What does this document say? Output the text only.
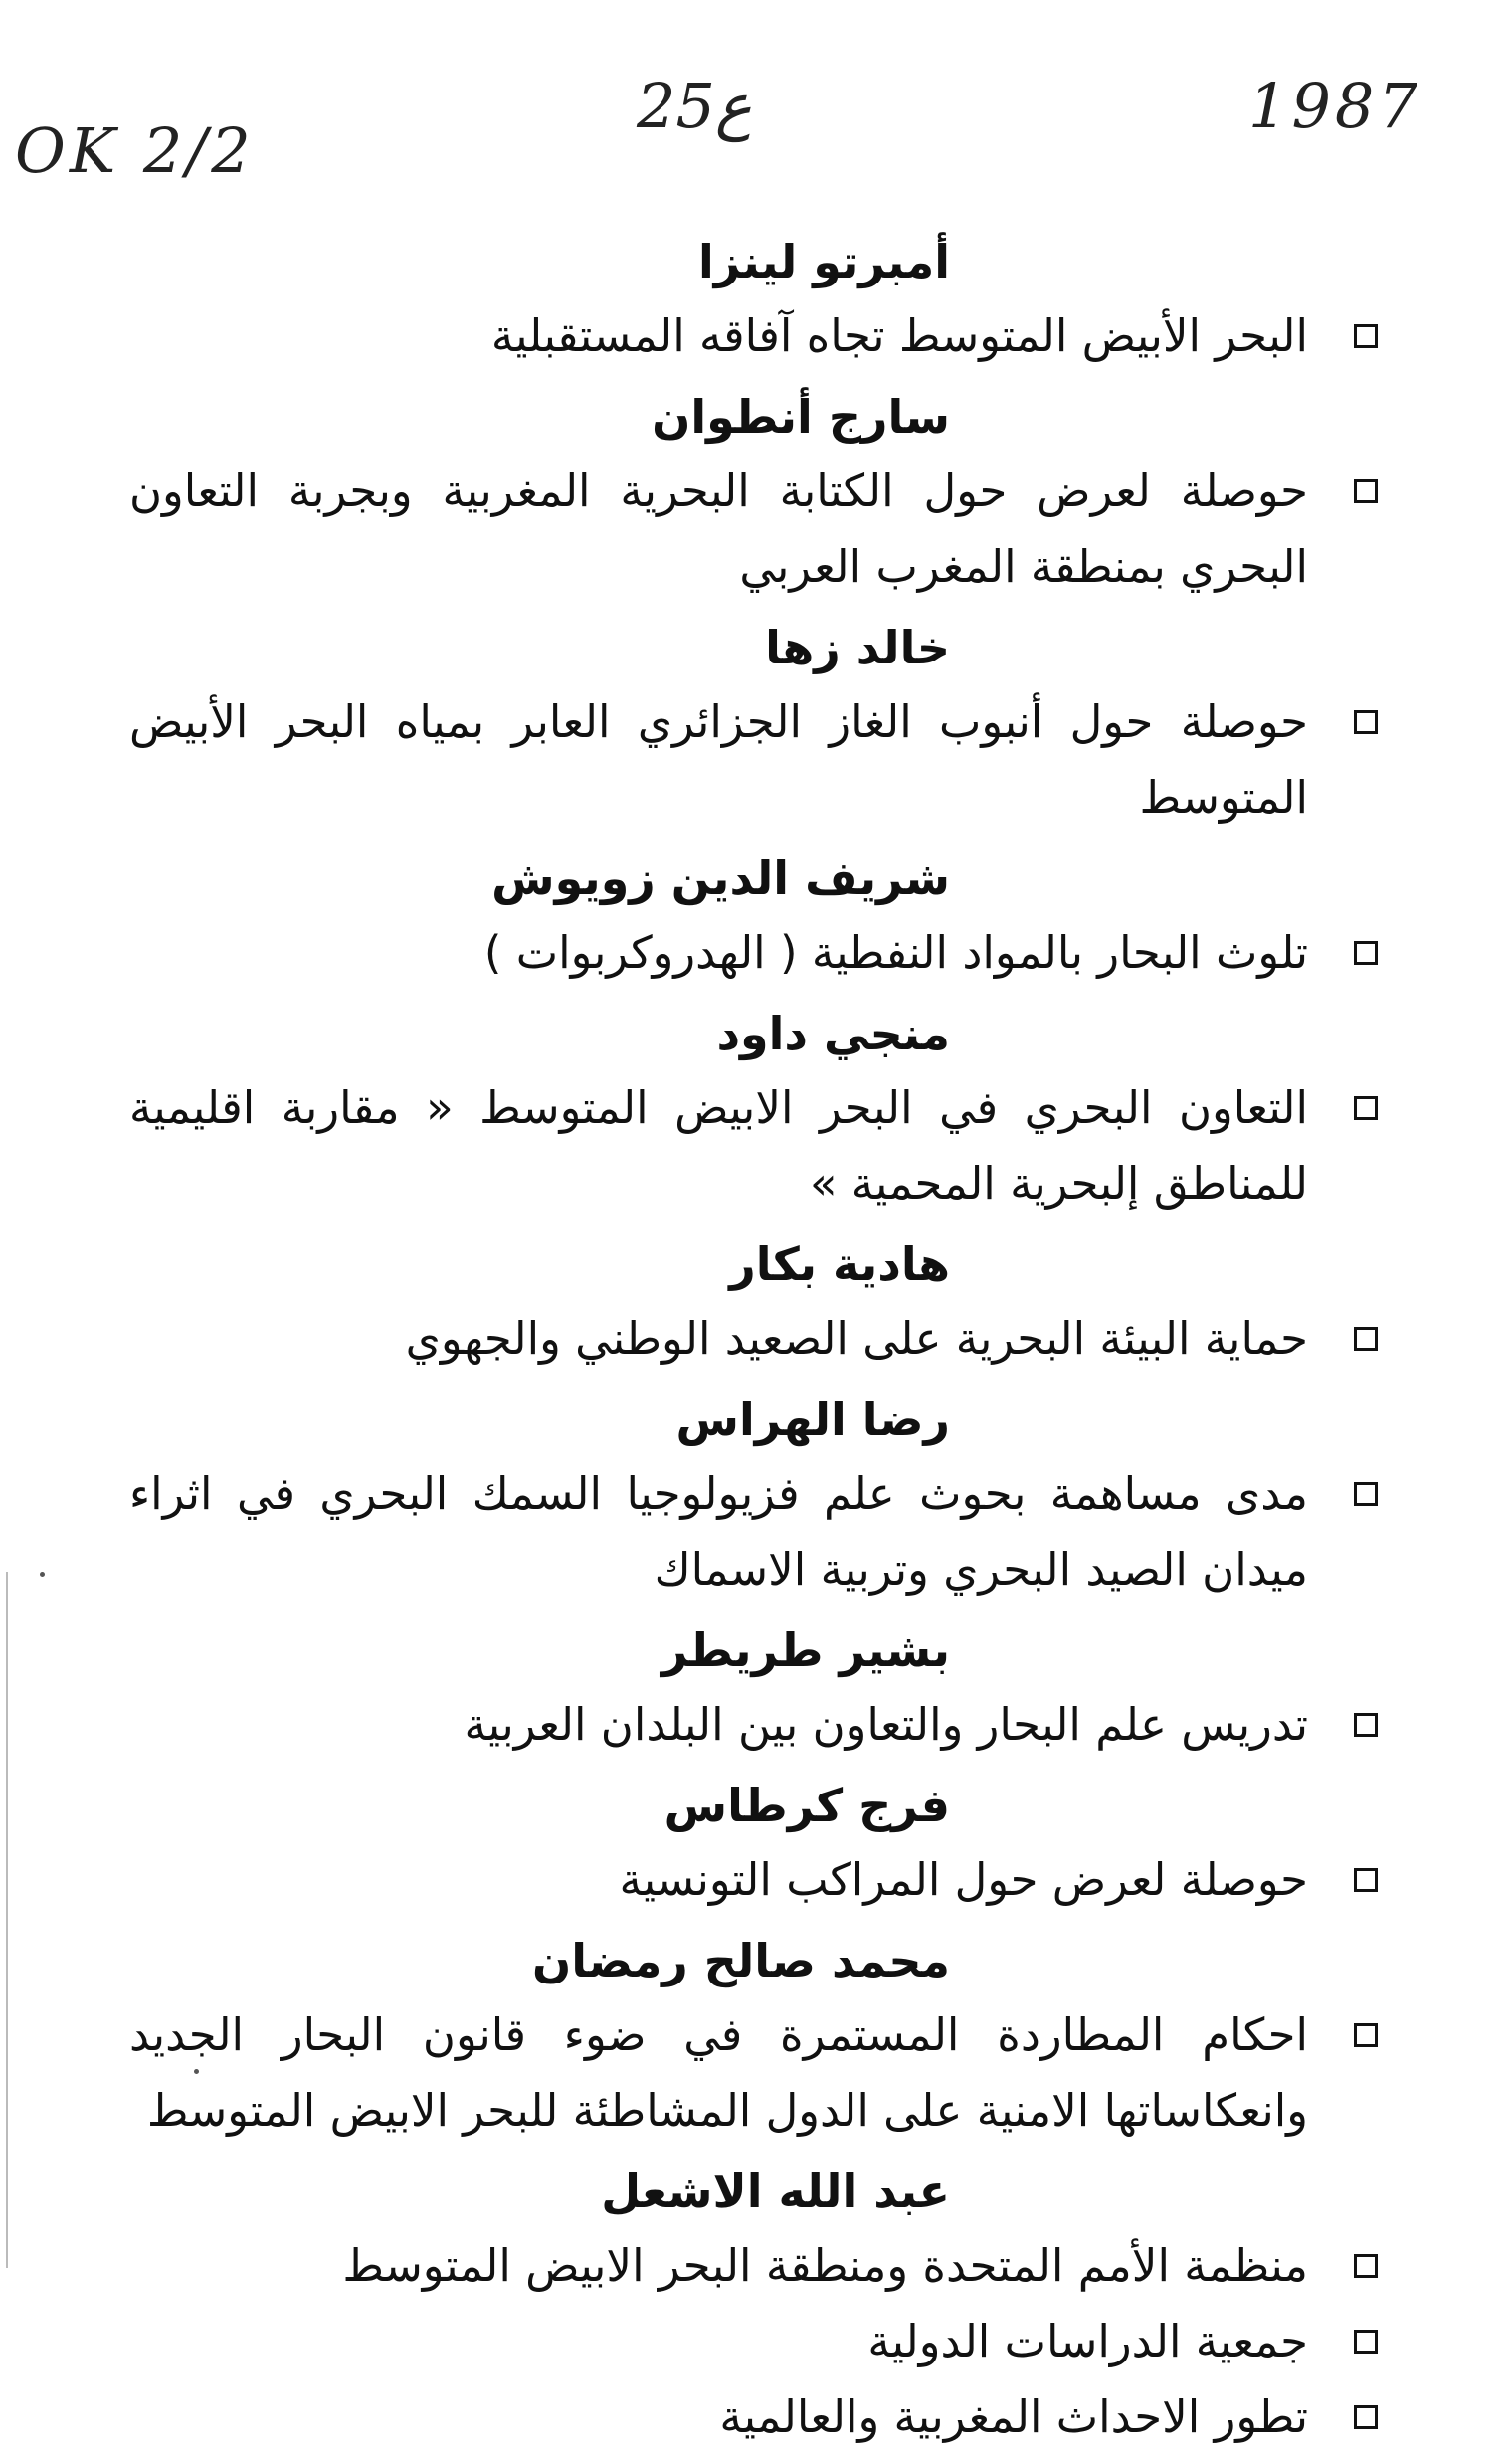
OK 2/2
25ع	1987
أمبرتو لينزا
البحر الأبيض المتوسط تجاه آفاقه المستقبلية
سارج أنطوان
حوصلة لعرض حول الكتابة البحرية المغربية وبجربة التعاون البحري بمنطقة المغرب العربي
خالد زها
حوصلة حول أنبوب الغاز الجزائري العابر بمياه البحر الأبيض المتوسط
شريف الدين زويوش
تلوث البحار بالمواد النفطية ( الهدروكربوات )
منجي داود
التعاون البحري في البحر الابيض المتوسط « مقاربة اقليمية للمناطق إلبحرية المحمية »
هادية بكار
حماية البيئة البحرية على الصعيد الوطني والجهوي
رضا الهراس
مدى مساهمة بحوث علم فزيولوجيا السمك البحري في اثراء ميدان الصيد البحري وتربية الاسماك
بشير طريطر
تدريس علم البحار والتعاون بين البلدان العربية
فرج كرطاس
حوصلة لعرض حول المراكب التونسية
محمد صالح رمضان
احكام المطاردة المستمرة في ضوء قانون البحار الجديد وانعكاساتها الامنية على الدول المشاطئة للبحر الابيض المتوسط
عبد الله الاشعل
منظمة الأمم المتحدة ومنطقة البحر الابيض المتوسط
جمعية الدراسات الدولية
تطور الاحداث المغربية والعالمية
